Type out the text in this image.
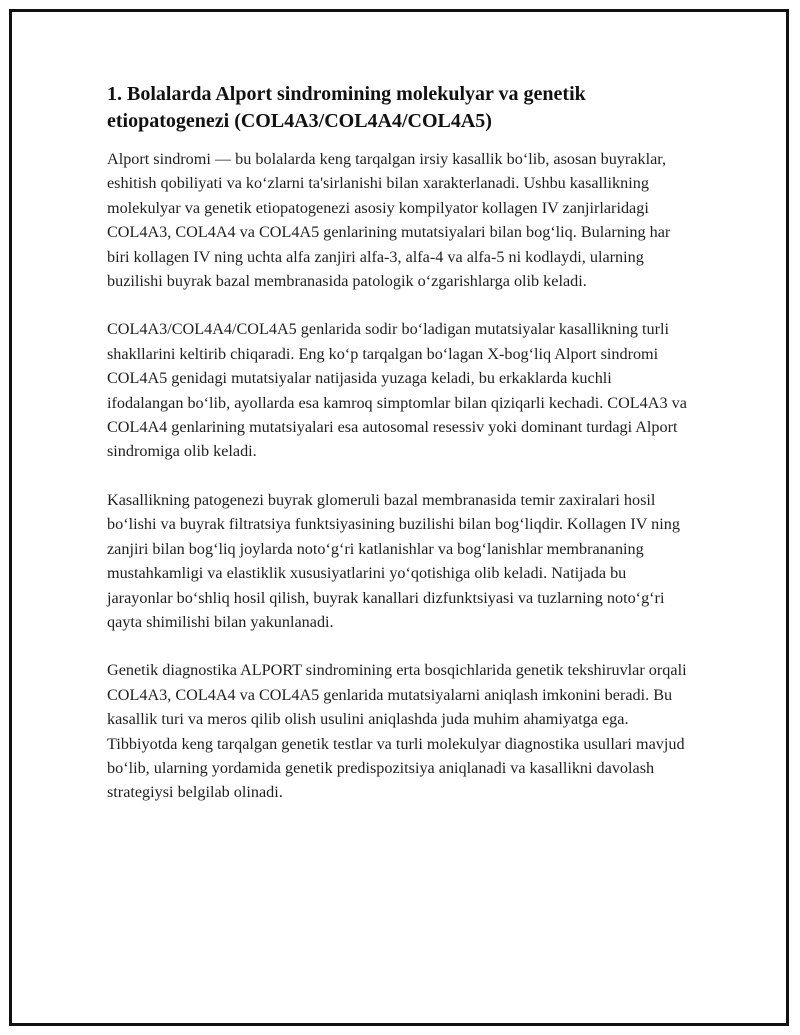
1. Bolalarda Alport sindromining molekulyar va genetik etiopatogenezi (COL4A3/COL4A4/COL4A5)

Alport sindromi — bu bolalarda keng tarqalgan irsiy kasallik bo‘lib, asosan buyraklar, eshitish qobiliyati va ko‘zlarni ta'sirlanishi bilan xarakterlanadi. Ushbu kasallikning molekulyar va genetik etiopatogenezi asosiy kompilyator kollagen IV zanjirlaridagi COL4A3, COL4A4 va COL4A5 genlarining mutatsiyalari bilan bog‘liq. Bularning har biri kollagen IV ning uchta alfa zanjiri alfa-3, alfa-4 va alfa-5 ni kodlaydi, ularning buzilishi buyrak bazal membranasida patologik o‘zgarishlarga olib keladi.

COL4A3/COL4A4/COL4A5 genlarida sodir bo‘ladigan mutatsiyalar kasallikning turli shakllarini keltirib chiqaradi. Eng ko‘p tarqalgan bo‘lagan X-bog‘liq Alport sindromi COL4A5 genidagi mutatsiyalar natijasida yuzaga keladi, bu erkaklarda kuchli ifodalangan bo‘lib, ayollarda esa kamroq simptomlar bilan qiziqarli kechadi. COL4A3 va COL4A4 genlarining mutatsiyalari esa autosomal resessiv yoki dominant turdagi Alport sindromiga olib keladi.

Kasallikning patogenezi buyrak glomeruli bazal membranasida temir zaxiralari hosil bo‘lishi va buyrak filtratsiya funktsiyasining buzilishi bilan bog‘liqdir. Kollagen IV ning zanjiri bilan bog‘liq joylarda noto‘g‘ri katlanishlar va bog‘lanishlar membrananing mustahkamligi va elastiklik xususiyatlarini yo‘qotishiga olib keladi. Natijada bu jarayonlar bo‘shliq hosil qilish, buyrak kanallari dizfunktsiyasi va tuzlarning noto‘g‘ri qayta shimilishi bilan yakunlanadi.

Genetik diagnostika ALPORT sindromining erta bosqichlarida genetik tekshiruvlar orqali COL4A3, COL4A4 va COL4A5 genlarida mutatsiyalarni aniqlash imkonini beradi. Bu kasallik turi va meros qilib olish usulini aniqlashda juda muhim ahamiyatga ega. Tibbiyotda keng tarqalgan genetik testlar va turli molekulyar diagnostika usullari mavjud bo‘lib, ularning yordamida genetik predispozitsiya aniqlanadi va kasallikni davolash strategiysi belgilab olinadi.
